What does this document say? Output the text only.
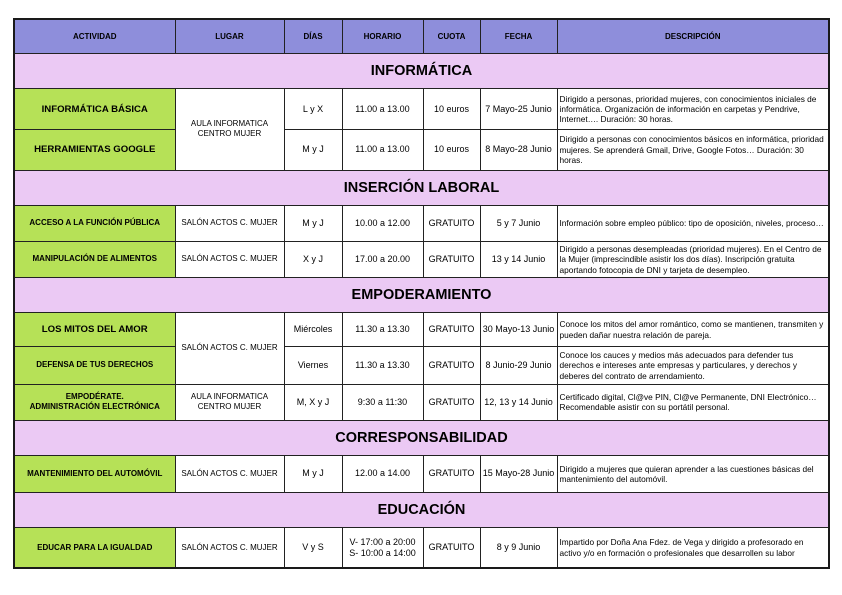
ACTIVIDAD	LUGAR	DÍAS	HORARIO	CUOTA	FECHA	DESCRIPCIÓN
INFORMÁTICA						
INFORMÁTICA BÁSICA	AULA INFORMATICA CENTRO MUJER	L y X	11.00 a 13.00	10 euros	7 Mayo-25 Junio	Dirigido a personas, prioridad mujeres, con conocimientos iniciales de informática. Organización de información en carpetas y Pendrive, Internet…. Duración: 30 horas.
HERRAMIENTAS GOOGLE		M y J	11.00 a 13.00	10 euros	8 Mayo-28 Junio	Dirigido a personas con conocimientos básicos en informática, prioridad mujeres. Se aprenderá Gmail, Drive, Google Fotos… Duración: 30 horas.
INSERCIÓN LABORAL						
ACCESO A LA FUNCIÓN PÚBLICA	SALÓN ACTOS C. MUJER	M y J	10.00 a 12.00	GRATUITO	5 y 7 Junio	Información sobre empleo público: tipo de oposición, niveles, proceso…
MANIPULACIÓN DE ALIMENTOS	SALÓN ACTOS C. MUJER	X y J	17.00 a 20.00	GRATUITO	13 y 14 Junio	Dirigido a personas desempleadas (prioridad mujeres). En el Centro de la Mujer (imprescindible asistir los dos días). Inscripción gratuita aportando fotocopia de DNI y tarjeta de desempleo.
EMPODERAMIENTO						
LOS MITOS DEL AMOR	SALÓN ACTOS C. MUJER	Miércoles	11.30 a 13.30	GRATUITO	30 Mayo-13 Junio	Conoce los mitos del amor romántico, como se mantienen, transmiten y pueden dañar nuestra relación de pareja.
DEFENSA DE TUS DERECHOS		Viernes	11.30 a 13.30	GRATUITO	8 Junio-29 Junio	Conoce los cauces y medios más adecuados para defender tus derechos e intereses ante empresas y particulares, y derechos y deberes del contrato de arrendamiento.

EMPODÉRATE.
ADMINISTRACIÓN ELECTRÓNICA	AULA INFORMATICA CENTRO MUJER	M, X y J	9:30 a 11:30	GRATUITO	12, 13 y 14 Junio	Certificado digital, Cl@ve PIN, Cl@ve Permanente, DNI Electrónico… Recomendable asistir con su portátil personal.
CORRESPONSABILIDAD						
MANTENIMIENTO DEL AUTOMÓVIL	SALÓN ACTOS C. MUJER	M y J	12.00 a 14.00	GRATUITO	15 Mayo-28 Junio	Dirigido a mujeres que quieran aprender a las cuestiones básicas del mantenimiento del automóvil.
EDUCACIÓN						
EDUCAR PARA LA IGUALDAD	SALÓN ACTOS C. MUJER	V y S	V- 17:00 a 20:00
S- 10:00 a 14:00	GRATUITO	8 y 9 Junio	Impartido por Doña Ana Fdez. de Vega y dirigido a profesorado en activo y/o en formación o profesionales que desarrollen su labor
